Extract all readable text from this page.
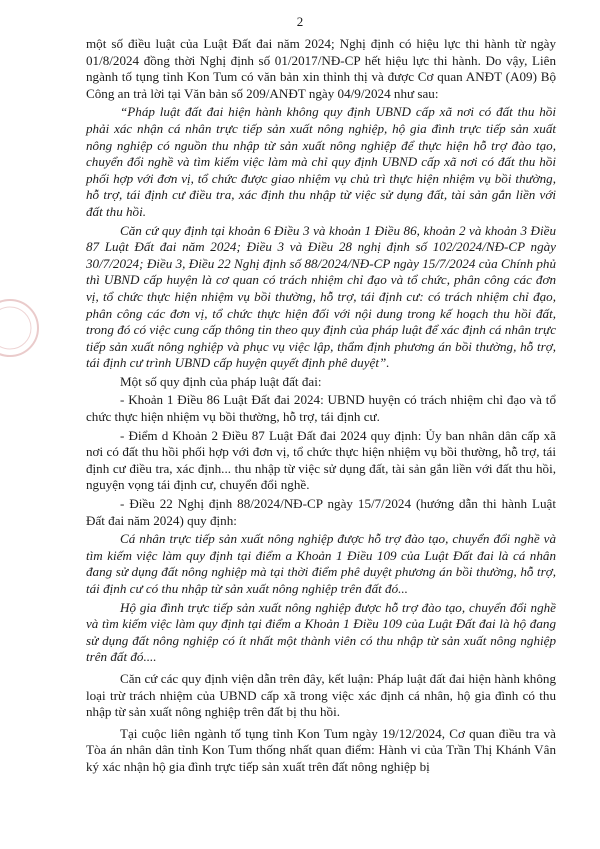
2

một số điều luật của Luật Đất đai năm 2024; Nghị định có hiệu lực thi hành từ ngày 01/8/2024 đồng thời Nghị định số 01/2017/NĐ-CP hết hiệu lực thi hành. Do vậy, Liên ngành tố tụng tỉnh Kon Tum có văn bản xin thỉnh thị và được Cơ quan ANĐT (A09) Bộ Công an trả lời tại Văn bản số 209/ANĐT ngày 04/9/2024 như sau:

“Pháp luật đất đai hiện hành không quy định UBND cấp xã nơi có đất thu hồi phải xác nhận cá nhân trực tiếp sản xuất nông nghiệp, hộ gia đình trực tiếp sản xuất nông nghiệp có nguồn thu nhập từ sản xuất nông nghiệp để thực hiện hỗ trợ đào tạo, chuyển đổi nghề và tìm kiếm việc làm mà chỉ quy định UBND cấp xã nơi có đất thu hồi phối hợp với đơn vị, tổ chức được giao nhiệm vụ chủ trì thực hiện nhiệm vụ bồi thường, hỗ trợ, tái định cư điều tra, xác định thu nhập từ việc sử dụng đất, tài sản gắn liền với đất thu hồi.

Căn cứ quy định tại khoản 6 Điều 3 và khoản 1 Điều 86, khoản 2 và khoản 3 Điều 87 Luật Đất đai năm 2024; Điều 3 và Điều 28 nghị định số 102/2024/NĐ-CP ngày 30/7/2024; Điều 3, Điều 22 Nghị định số 88/2024/NĐ-CP ngày 15/7/2024 của Chính phủ thì UBND cấp huyện là cơ quan có trách nhiệm chỉ đạo và tổ chức, phân công các đơn vị, tổ chức thực hiện nhiệm vụ bồi thường, hỗ trợ, tái định cư: có trách nhiệm chỉ đạo, phân công các đơn vị, tổ chức thực hiện đối với nội dung trong kế hoạch thu hồi đất, trong đó có việc cung cấp thông tin theo quy định của pháp luật để xác định cá nhân trực tiếp sản xuất nông nghiệp và phục vụ việc lập, thẩm định phương án bồi thường, hỗ trợ, tái định cư trình UBND cấp huyện quyết định phê duyệt”.

Một số quy định của pháp luật đất đai:

- Khoản 1 Điều 86 Luật Đất đai 2024: UBND huyện có trách nhiệm chỉ đạo và tổ chức thực hiện nhiệm vụ bồi thường, hỗ trợ, tái định cư.

- Điểm d Khoản 2 Điều 87 Luật Đất đai 2024 quy định: Ủy ban nhân dân cấp xã nơi có đất thu hồi phối hợp với đơn vị, tổ chức thực hiện nhiệm vụ bồi thường, hỗ trợ, tái định cư điều tra, xác định... thu nhập từ việc sử dụng đất, tài sản gắn liền với đất thu hồi, nguyện vọng tái định cư, chuyển đổi nghề.

- Điều 22 Nghị định 88/2024/NĐ-CP ngày 15/7/2024 (hướng dẫn thi hành Luật Đất đai năm 2024) quy định:

Cá nhân trực tiếp sản xuất nông nghiệp được hỗ trợ đào tạo, chuyển đổi nghề và tìm kiếm việc làm quy định tại điểm a Khoản 1 Điều 109 của Luật Đất đai là cá nhân đang sử dụng đất nông nghiệp mà tại thời điểm phê duyệt phương án bồi thường, hỗ trợ, tái định cư có thu nhập từ sản xuất nông nghiệp trên đất đó...

Hộ gia đình trực tiếp sản xuất nông nghiệp được hỗ trợ đào tạo, chuyển đổi nghề và tìm kiếm việc làm quy định tại điểm a Khoản 1 Điều 109 của Luật Đất đai là hộ đang sử dụng đất nông nghiệp có ít nhất một thành viên có thu nhập từ sản xuất nông nghiệp trên đất đó....

Căn cứ các quy định viện dẫn trên đây, kết luận: Pháp luật đất đai hiện hành không loại trừ trách nhiệm của UBND cấp xã trong việc xác định cá nhân, hộ gia đình có thu nhập từ sản xuất nông nghiệp trên đất bị thu hồi.

Tại cuộc liên ngành tố tụng tỉnh Kon Tum ngày 19/12/2024, Cơ quan điều tra và Tòa án nhân dân tỉnh Kon Tum thống nhất quan điểm: Hành vi của Trần Thị Khánh Vân ký xác nhận hộ gia đình trực tiếp sản xuất trên đất nông nghiệp bị
